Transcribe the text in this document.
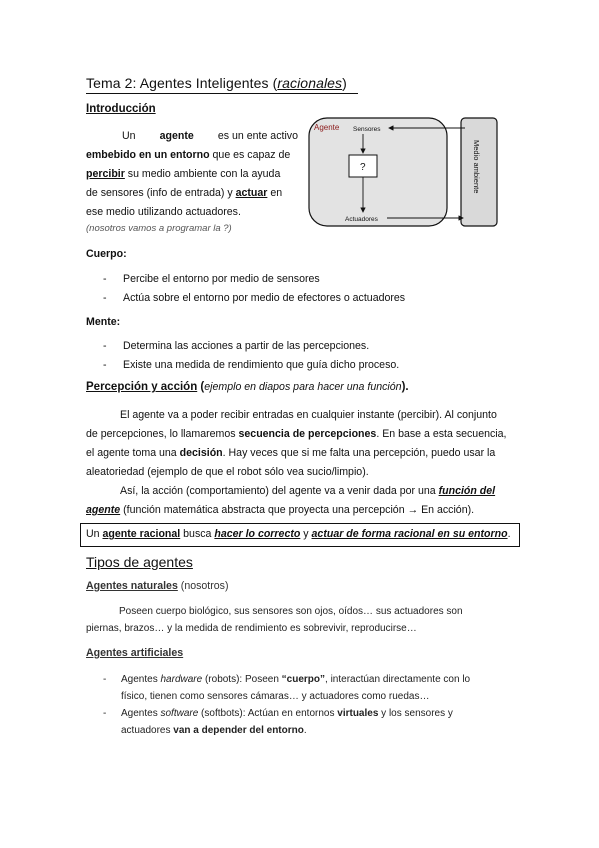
Tema 2: Agentes Inteligentes (racionales)
Introducción
Un agente es un ente activo
embebido en un entorno que es capaz de
percibir su medio ambiente con la ayuda
de sensores (info de entrada) y actuar en
ese medio utilizando actuadores.
(nosotros vamos a programar la ?)
Agente Sensores
?
Actuadores
Medio ambiente
Cuerpo:
- Percibe el entorno por medio de sensores
- Actúa sobre el entorno por medio de efectores o actuadores
Mente:
- Determina las acciones a partir de las percepciones.
- Existe una medida de rendimiento que guía dicho proceso.
Percepción y acción (ejemplo en diapos para hacer una función).
El agente va a poder recibir entradas en cualquier instante (percibir). Al conjunto
de percepciones, lo llamaremos secuencia de percepciones. En base a esta secuencia,
el agente toma una decisión. Hay veces que si me falta una percepción, puedo usar la
aleatoriedad (ejemplo de que el robot sólo vea sucio/limpio).
Así, la acción (comportamiento) del agente va a venir dada por una función del
agente (función matemática abstracta que proyecta una percepción → En acción).
Un agente racional busca hacer lo correcto y actuar de forma racional en su entorno.
Tipos de agentes
Agentes naturales (nosotros)
Poseen cuerpo biológico, sus sensores son ojos, oídos… sus actuadores son
piernas, brazos… y la medida de rendimiento es sobrevivir, reproducirse…
Agentes artificiales
- Agentes hardware (robots): Poseen “cuerpo”, interactúan directamente con lo
físico, tienen como sensores cámaras… y actuadores como ruedas…
- Agentes software (softbots): Actúan en entornos virtuales y los sensores y
actuadores van a depender del entorno.
